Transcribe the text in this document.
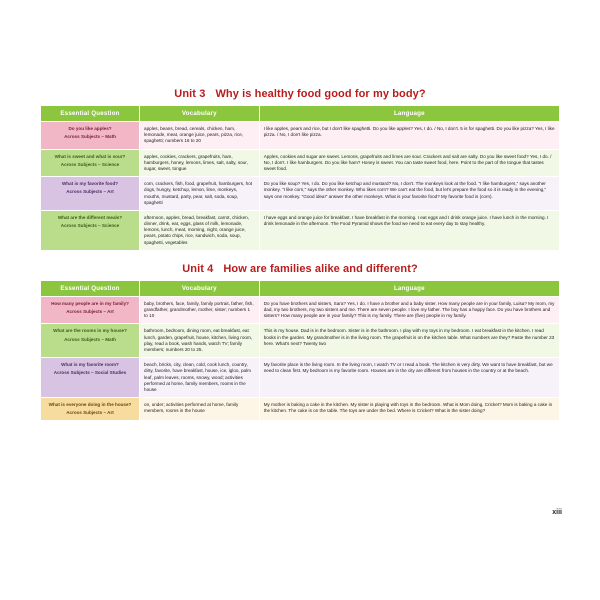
Unit 3 Why is healthy food good for my body?
Essential Question	Vocabulary	Language
Do you like apples?
Across Subjects – Math	apples, beans, bread, cereals, chicken, ham, lemonade, meat, orange juice, pears, pizza, rice, spaghetti; numbers 16 to 20	I like apples, pears and rice, but I don't like spaghetti. Do you like apples? Yes, I do. / No, I don't. 5 is for spaghetti. Do you like pizza? Yes, I like pizza. / No, I don't like pizza.
What is sweet and what is sour?
Across Subjects – Science	apples, cookies, crackers, grapefruits, ham, hamburgers, honey, lemons, limes, salt, salty, sour, sugar, sweet, tongue	Apples, cookies and sugar are sweet. Lemons, grapefruits and limes are sour. Crackers and salt are salty. Do you like sweet food? Yes, I do. / No, I don't. I like hamburgers. Do you like ham? Honey is sweet. You can taste sweet food, here. Point to the part of the tongue that tastes sweet food.
What is my favorite food?
Across Subjects – Art	corn, crackers, fish, food, grapefruit, hamburgers, hot dogs, hungry, ketchup, lemon, lime, monkeys, mouths, mustard, party, pear, salt, soda, soup, spaghetti	Do you like soup? Yes, I do. Do you like ketchup and mustard? No, I don't. The monkeys look at the food. "I like hamburgers," says another monkey. "I like corn," says the other monkey. Who likes corn? We can't eat the food, but let's prepare the food so it is ready in the evening," says one monkey. "Good idea!" answer the other monkeys. What is your favorite food? My favorite food is (corn).
What are the different meals?
Across Subjects – Science
	afternoon, apples, bread, breakfast, carrot, chicken, dinner, drink, eat, eggs, glass of milk, lemonade, lemons, lunch, meat, morning, night, orange juice, pears, potato chips, rice, sandwich, soda, soup, spaghetti, vegetables	I have eggs and orange juice for breakfast. I have breakfast in the morning. I eat eggs and I drink orange juice. I have lunch in the morning. I drink lemonade in the afternoon. The Food Pyramid shows the food we need to eat every day to stay healthy.
Unit 4 How are families alike and different?
Essential Question	Vocabulary	Language
How many people are in my family?
Across Subjects – Art	baby, brothers, face, family, family portrait, father, fish, grandfather, grandmother, mother, sister; numbers 1 to 10	Do you have brothers and sisters, Sara? Yes, I do. I have a brother and a baby sister. How many people are in your family, Luisa? My mom, my dad, my two brothers, my two sisters and me. There are seven people. I love my father. The boy has a happy face. Do you have brothers and sisters? How many people are in your family? This is my family. There are (five) people in my family.
What are the rooms in my house?
Across Subjects – Math	bathroom, bedroom, dining room, eat breakfast, eat lunch, garden, grapefruit, house, kitchen, living room, play, read a book, wash hands, watch TV; family members; numbers 20 to 25.	This is my house. Dad is in the bedroom. Sister is in the bathroom. I play with my toys in my bedroom. I eat breakfast in the kitchen. I read books in the garden. My grandmother is in the living room. The grapefruit is on the kitchen table. What numbers are they? Paste the number 23 here. What's next? Twenty two
What is my favorite room?
Across Subjects – Social Studies
	beach, bricks, city, clean, cold, cook lunch, country, dirty, favorite, have breakfast, house, ice, igloo, palm leaf, palm leaves, rooms, snowy, wood; activities performed at home, family members, rooms in the house	My favorite place is the living room. In the living room, I watch TV or I read a book. The kitchen is very dirty. We want to have breakfast, but we need to clean first. My bedroom is my favorite room. Houses are in the city are different from houses in the country or at the beach.
What is everyone doing in the house?
Across Subjects – Art	on, under; activities performed at home, family members, rooms in the house	My mother is baking a cake in the kitchen. My sister is playing with toys in the bedroom. What is Mom doing, Cricket? Mom is baking a cake in the kitchen. The cake is on the table. The toys are under the bed. Where is Cricket? What is the sister doing?
xiii
